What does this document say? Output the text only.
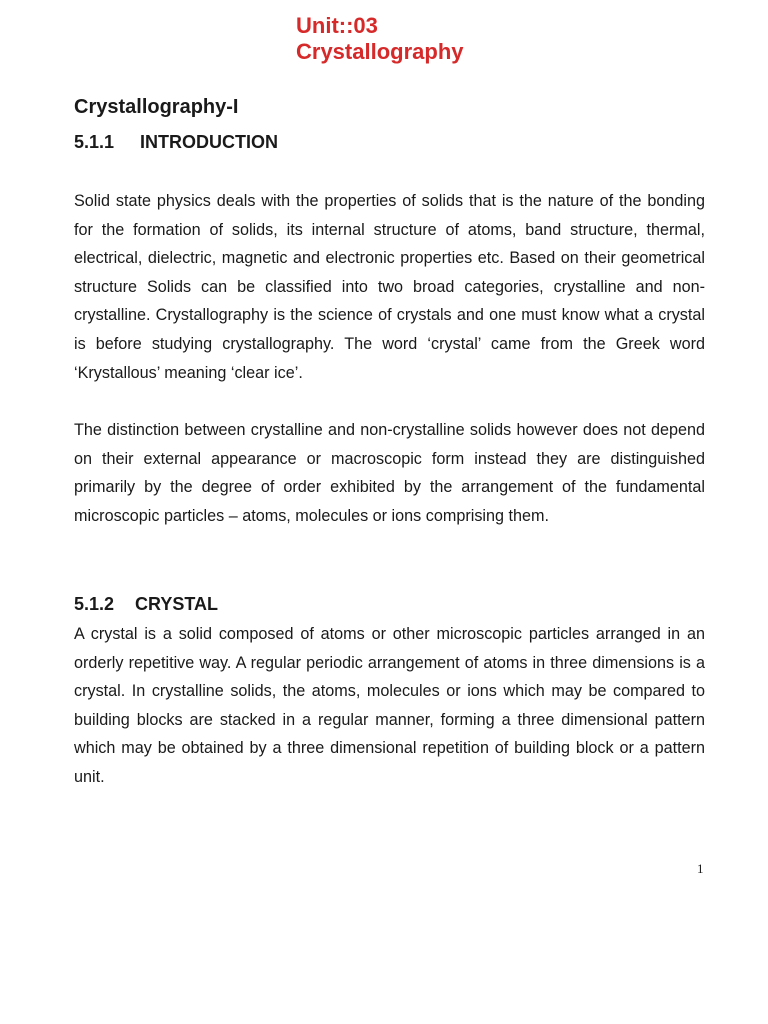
Unit::03
Crystallography
Crystallography-I
5.1.1 INTRODUCTION

Solid state physics deals with the properties of solids that is the nature of the bonding for the formation of solids, its internal structure of atoms, band structure, thermal, electrical, dielectric, magnetic and electronic properties etc. Based on their geometrical structure Solids can be classified into two broad categories, crystalline and non-crystalline. Crystallography is the science of crystals and one must know what a crystal is before studying crystallography. The word ‘crystal’ came from the Greek word ‘Krystallous’ meaning ‘clear ice’.

The distinction between crystalline and non-crystalline solids however does not depend on their external appearance or macroscopic form instead they are distinguished primarily by the degree of order exhibited by the arrangement of the fundamental microscopic particles – atoms, molecules or ions comprising them.

5.1.2 CRYSTAL

A crystal is a solid composed of atoms or other microscopic particles arranged in an orderly repetitive way. A regular periodic arrangement of atoms in three dimensions is a crystal. In crystalline solids, the atoms, molecules or ions which may be compared to building blocks are stacked in a regular manner, forming a three dimensional pattern which may be obtained by a three dimensional repetition of building block or a pattern unit.

1
